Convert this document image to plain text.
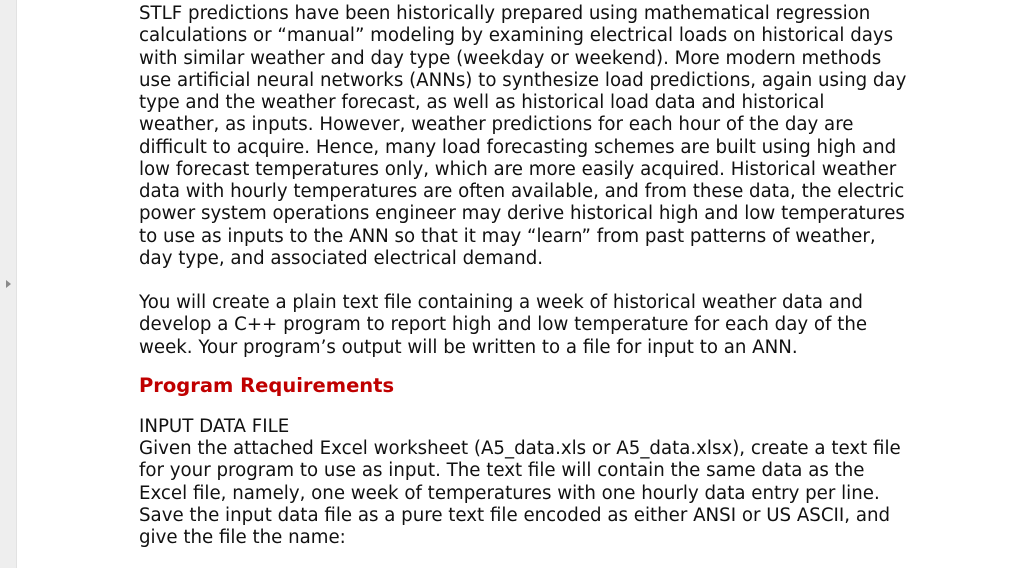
STLF predictions have been historically prepared using mathematical regression
calculations or “manual” modeling by examining electrical loads on historical days
with similar weather and day type (weekday or weekend). More modern methods
use artificial neural networks (ANNs) to synthesize load predictions, again using day
type and the weather forecast, as well as historical load data and historical
weather, as inputs. However, weather predictions for each hour of the day are
difficult to acquire. Hence, many load forecasting schemes are built using high and
low forecast temperatures only, which are more easily acquired. Historical weather
data with hourly temperatures are often available, and from these data, the electric
power system operations engineer may derive historical high and low temperatures
to use as inputs to the ANN so that it may “learn” from past patterns of weather,
day type, and associated electrical demand.

You will create a plain text file containing a week of historical weather data and
develop a C++ program to report high and low temperature for each day of the
week. Your program’s output will be written to a file for input to an ANN.

Program Requirements

INPUT DATA FILE

Given the attached Excel worksheet (A5_data.xls or A5_data.xlsx), create a text file
for your program to use as input. The text file will contain the same data as the
Excel file, namely, one week of temperatures with one hourly data entry per line.
Save the input data file as a pure text file encoded as either ANSI or US ASCII, and
give the file the name:
